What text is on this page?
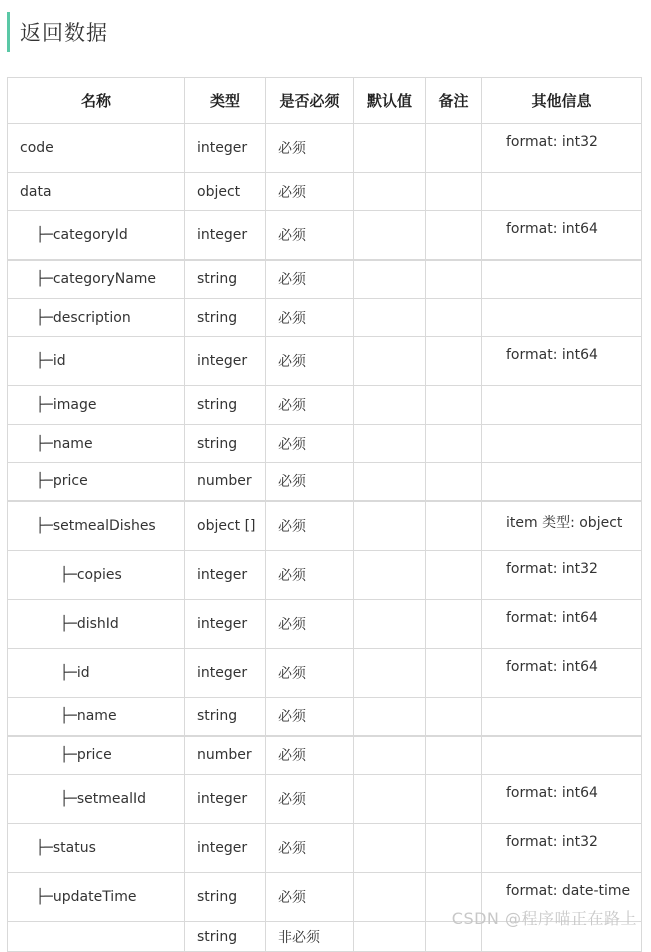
返回数据
名称	类型	是否必须	默认值	备注	其他信息
code	integer	必须			format: int32
data	object	必须			
├─categoryId	integer	必须			format: int64
├─categoryName	string	必须			
├─description	string	必须			
├─id	integer	必须			format: int64
├─image	string	必须			
├─name	string	必须			
├─price	number	必须			
├─setmealDishes	object []	必须			item 类型: object
├─copies	integer	必须			format: int32
├─dishId	integer	必须			format: int64
├─id	integer	必须			format: int64
├─name	string	必须			
├─price	number	必须			
├─setmealId	integer	必须			format: int64
├─status	integer	必须			format: int32
├─updateTime	string	必须			format: date-time
	string	非必须			
CSDN @程序喵正在路上
